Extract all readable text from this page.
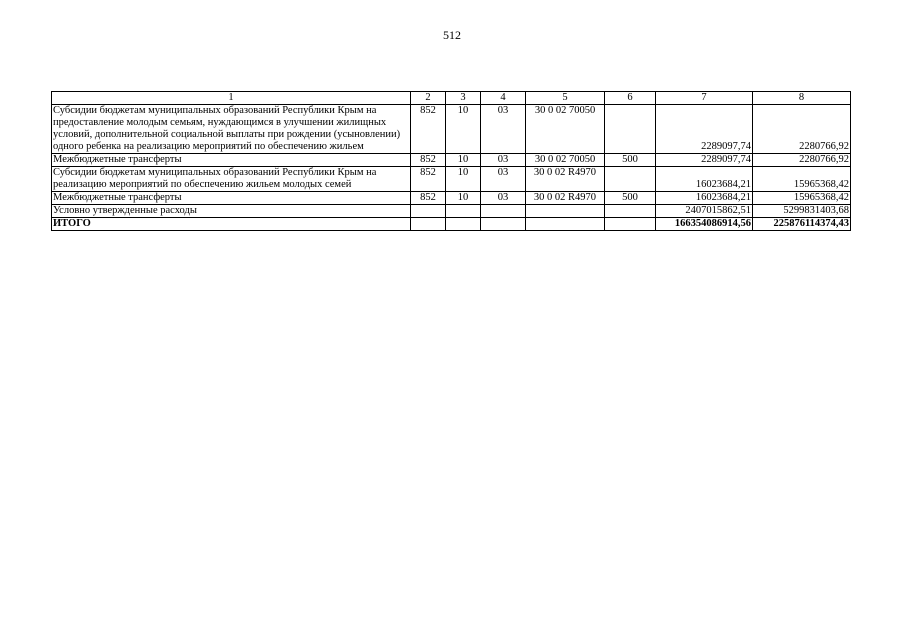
512
1	2	3	4	5	6	7	8
Субсидии бюджетам муниципальных образований Республики Крым на предоставление молодым семьям, нуждающимся в улучшении жилищных условий, дополнительной социальной выплаты при рождении (усыновлении) одного ребенка на реализацию мероприятий по обеспечению жильем	852	10	03	30 0 02 70050		2289097,74	2280766,92
Межбюджетные трансферты	852	10	03	30 0 02 70050	500	2289097,74	2280766,92
Субсидии бюджетам муниципальных образований Республики Крым на реализацию мероприятий по обеспечению жильем молодых семей	852	10	03	30 0 02 R4970		16023684,21	15965368,42
Межбюджетные трансферты	852	10	03	30 0 02 R4970	500	16023684,21	15965368,42
Условно утвержденные расходы						2407015862,51	5299831403,68
ИТОГО						166354086914,56	225876114374,43
